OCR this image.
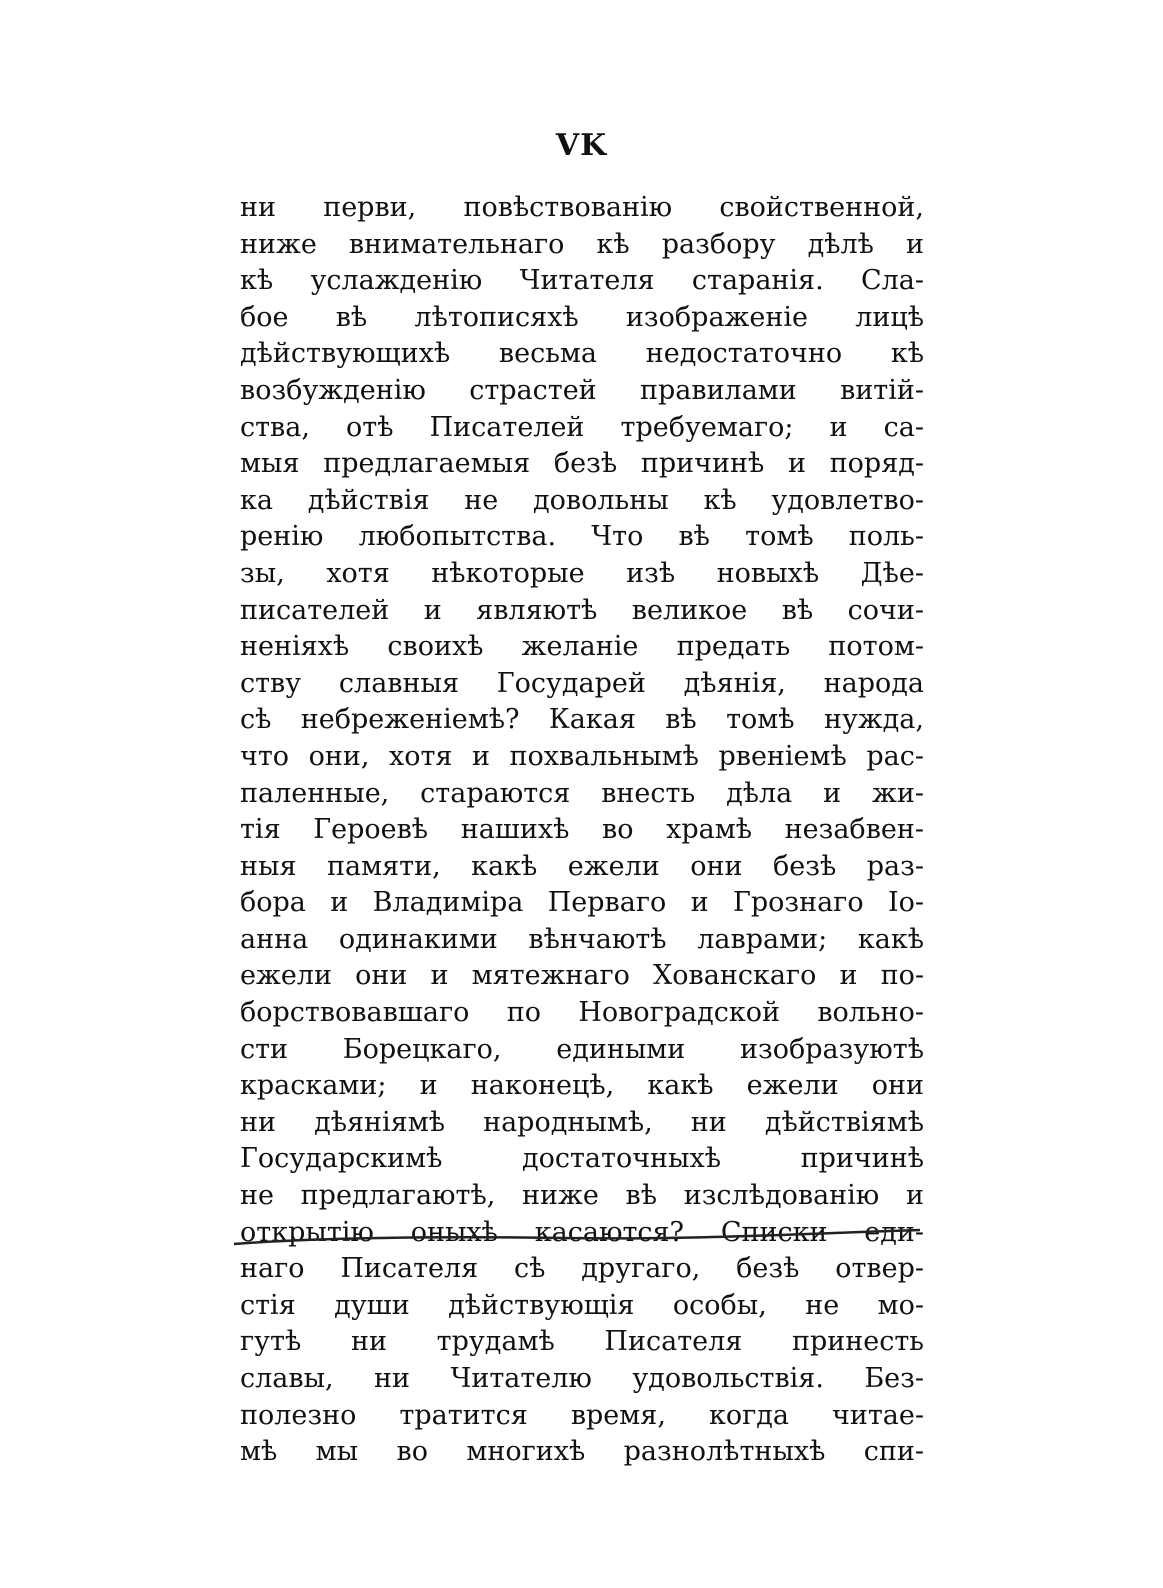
VK
ни перви, повѣствованію свойственной,
ниже внимательнаго кѣ разбору дѣлѣ и
кѣ услажденію Читателя старанія. Сла-
бое вѣ лѣтописяхѣ изображеніе лицѣ
дѣйствующихѣ весьма недостаточно кѣ
возбужденію страстей правилами витій-
ства, отѣ Писателей требуемаго; и са-
мыя предлагаемыя безѣ причинѣ и поряд-
ка дѣйствія не довольны кѣ удовлетво-
ренію любопытства. Что вѣ томѣ поль-
зы, хотя нѣкоторые изѣ новыхѣ Дѣе-
писателей и являютѣ великое вѣ сочи-
неніяхѣ своихѣ желаніе предать потом-
ству славныя Государей дѣянія, народа
сѣ небреженіемѣ? Какая вѣ томѣ нужда,
что они, хотя и похвальнымѣ рвеніемѣ рас-
паленные, стараются внесть дѣла и жи-
тія Героевѣ нашихѣ во храмѣ незабвен-
ныя памяти, какѣ ежели они безѣ раз-
бора и Владиміра Перваго и Грознаго Іо-
анна одинакими вѣнчаютѣ лаврами; какѣ
ежели они и мятежнаго Хованскаго и по-
борствовавшаго по Новоградской вольно-
сти Борецкаго, едиными изобразуютѣ
красками; и наконецѣ, какѣ ежели они
ни дѣяніямѣ народнымѣ, ни дѣйствіямѣ
Государскимѣ достаточныхѣ причинѣ
не предлагаютѣ, ниже вѣ изслѣдованію и
открытію оныхѣ касаются? Списки еди-
наго Писателя сѣ другаго, безѣ отвер-
стія души дѣйствующія особы, не мо-
гутѣ ни трудамѣ Писателя принесть
славы, ни Читателю удовольствія. Без-
полезно тратится время, когда читае-
мѣ мы во многихѣ разнолѣтныхѣ спи-
